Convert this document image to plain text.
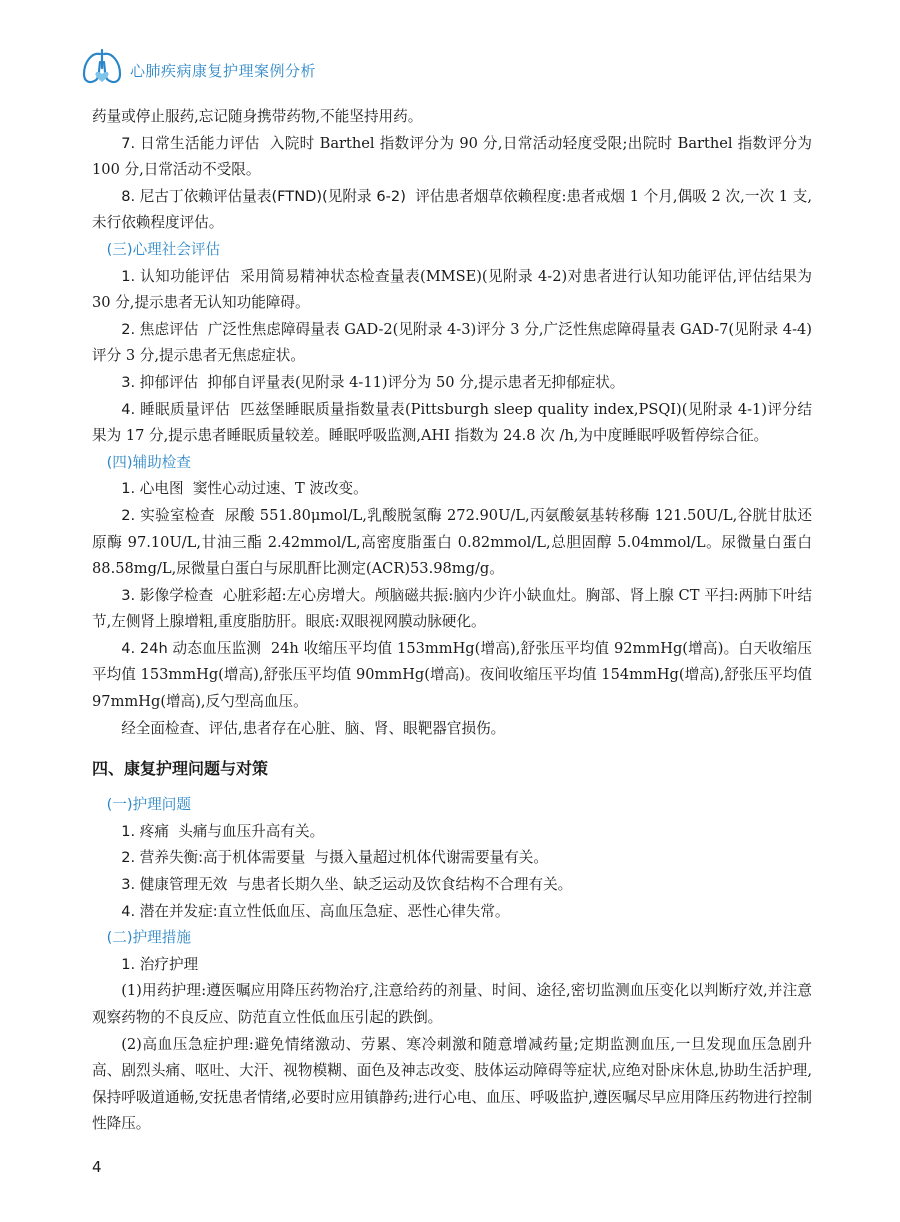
心肺疾病康复护理案例分析

药量或停止服药,忘记随身携带药物,不能坚持用药。

7. 日常生活能力评估 入院时 Barthel 指数评分为 90 分,日常活动轻度受限;出院时 Barthel 指数评分为 100 分,日常活动不受限。

8. 尼古丁依赖评估量表(FTND)(见附录 6-2) 评估患者烟草依赖程度:患者戒烟 1 个月,偶吸 2 次,一次 1 支,未行依赖程度评估。

(三)心理社会评估

1. 认知功能评估 采用简易精神状态检查量表(MMSE)(见附录 4-2)对患者进行认知功能评估,评估结果为 30 分,提示患者无认知功能障碍。

2. 焦虑评估 广泛性焦虑障碍量表 GAD-2(见附录 4-3)评分 3 分,广泛性焦虑障碍量表 GAD-7(见附录 4-4)评分 3 分,提示患者无焦虑症状。

3. 抑郁评估 抑郁自评量表(见附录 4-11)评分为 50 分,提示患者无抑郁症状。

4. 睡眠质量评估 匹兹堡睡眠质量指数量表(Pittsburgh sleep quality index,PSQI)(见附录 4-1)评分结果为 17 分,提示患者睡眠质量较差。睡眠呼吸监测,AHI 指数为 24.8 次 /h,为中度睡眠呼吸暂停综合征。

(四)辅助检查

1. 心电图 窦性心动过速、T 波改变。

2. 实验室检查 尿酸 551.80μmol/L,乳酸脱氢酶 272.90U/L,丙氨酸氨基转移酶 121.50U/L,谷胱甘肽还原酶 97.10U/L,甘油三酯 2.42mmol/L,高密度脂蛋白 0.82mmol/L,总胆固醇 5.04mmol/L。尿微量白蛋白 88.58mg/L,尿微量白蛋白与尿肌酐比测定(ACR)53.98mg/g。

3. 影像学检查 心脏彩超:左心房增大。颅脑磁共振:脑内少许小缺血灶。胸部、肾上腺 CT 平扫:两肺下叶结节,左侧肾上腺增粗,重度脂肪肝。眼底:双眼视网膜动脉硬化。

4. 24h 动态血压监测 24h 收缩压平均值 153mmHg(增高),舒张压平均值 92mmHg(增高)。白天收缩压平均值 153mmHg(增高),舒张压平均值 90mmHg(增高)。夜间收缩压平均值 154mmHg(增高),舒张压平均值 97mmHg(增高),反勺型高血压。

经全面检查、评估,患者存在心脏、脑、肾、眼靶器官损伤。

四、康复护理问题与对策

(一)护理问题

1. 疼痛 头痛与血压升高有关。

2. 营养失衡:高于机体需要量 与摄入量超过机体代谢需要量有关。

3. 健康管理无效 与患者长期久坐、缺乏运动及饮食结构不合理有关。

4. 潜在并发症:直立性低血压、高血压急症、恶性心律失常。

(二)护理措施

1. 治疗护理

(1)用药护理:遵医嘱应用降压药物治疗,注意给药的剂量、时间、途径,密切监测血压变化以判断疗效,并注意观察药物的不良反应、防范直立性低血压引起的跌倒。

(2)高血压急症护理:避免情绪激动、劳累、寒冷刺激和随意增减药量;定期监测血压,一旦发现血压急剧升高、剧烈头痛、呕吐、大汗、视物模糊、面色及神志改变、肢体运动障碍等症状,应绝对卧床休息,协助生活护理,保持呼吸道通畅,安抚患者情绪,必要时应用镇静药;进行心电、血压、呼吸监护,遵医嘱尽早应用降压药物进行控制性降压。

4
